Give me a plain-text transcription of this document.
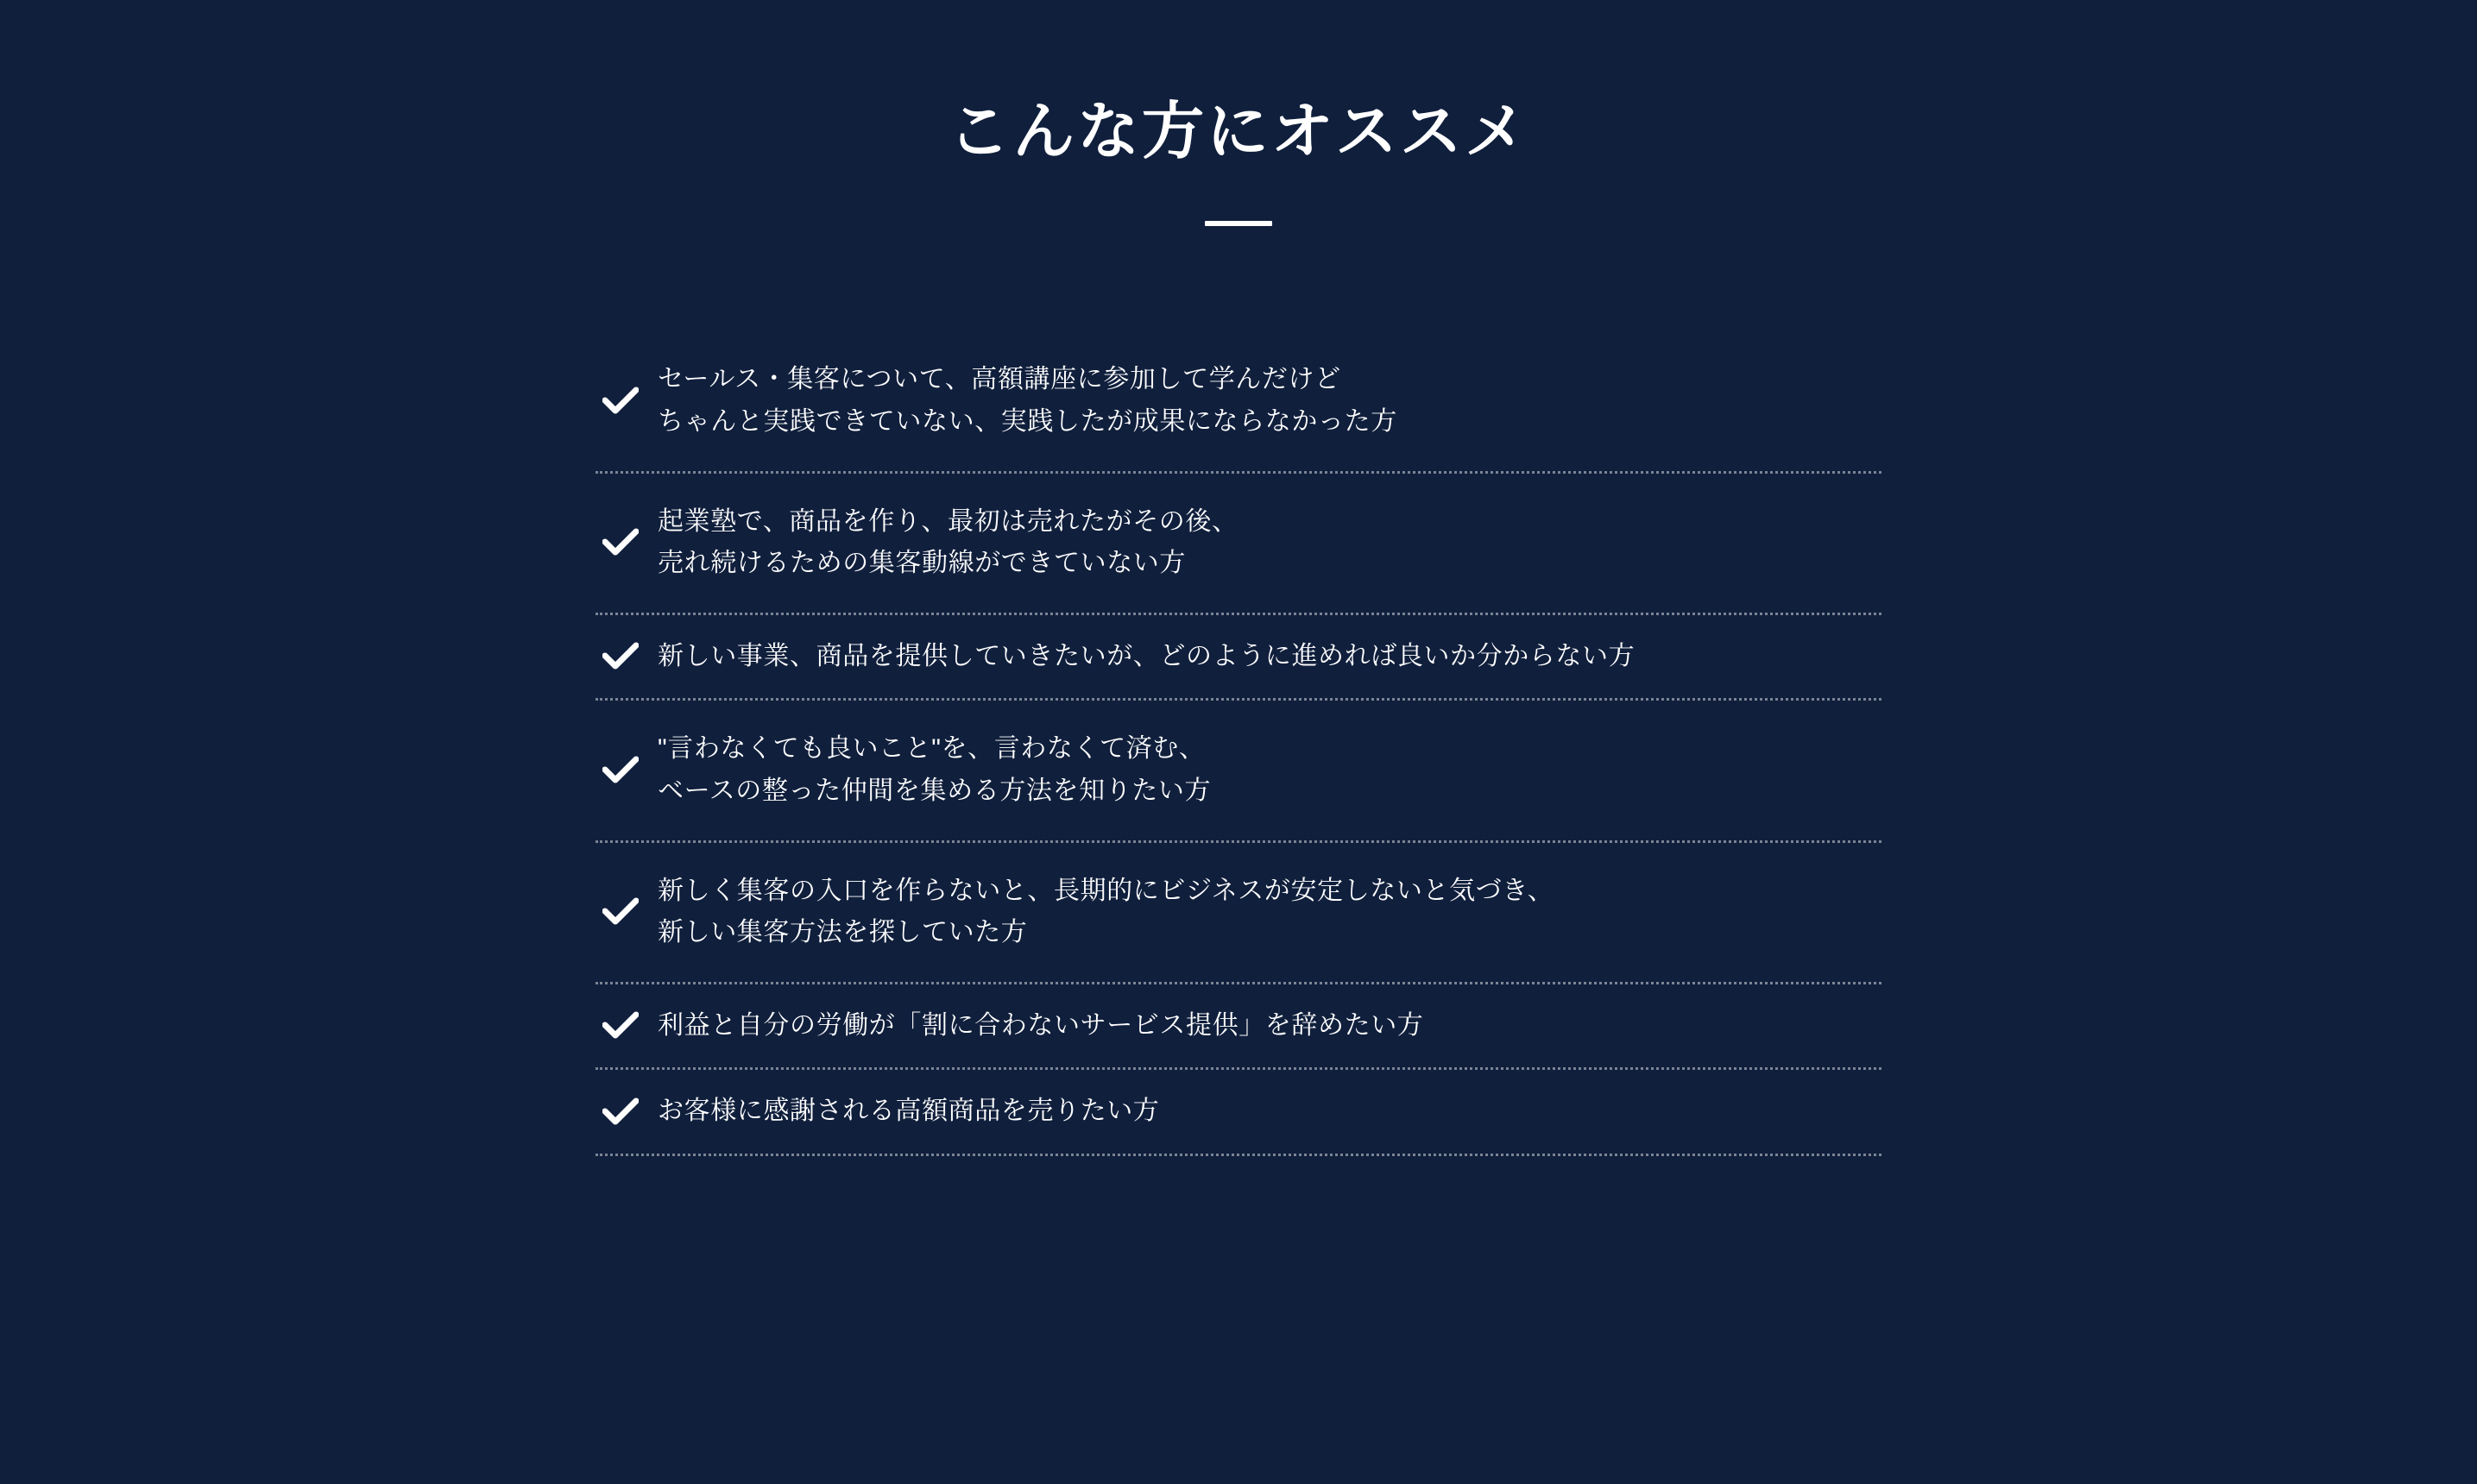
こんな方にオススメ
セールス・集客について、高額講座に参加して学んだけど
ちゃんと実践できていない、実践したが成果にならなかった方
起業塾で、商品を作り、最初は売れたがその後、
売れ続けるための集客動線ができていない方
新しい事業、商品を提供していきたいが、どのように進めれば良いか分からない方
"言わなくても良いこと"を、言わなくて済む、
ベースの整った仲間を集める方法を知りたい方
新しく集客の入口を作らないと、長期的にビジネスが安定しないと気づき、
新しい集客方法を探していた方
利益と自分の労働が「割に合わないサービス提供」を辞めたい方
お客様に感謝される高額商品を売りたい方
